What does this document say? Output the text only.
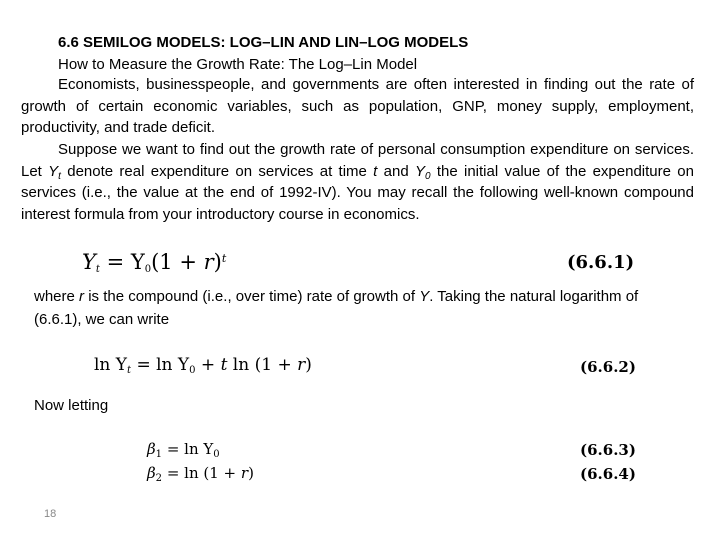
6.6 SEMILOG MODELS: LOG–LIN AND LIN–LOG MODELS
How to Measure the Growth Rate: The Log–Lin Model

Economists, businesspeople, and governments are often interested in finding out the rate of growth of certain economic variables, such as population, GNP, money supply, employment, productivity, and trade deficit.

Suppose we want to find out the growth rate of personal consumption expenditure on services. Let $Y_t$ denote real expenditure on services at time t and $Y_0$ the initial value of the expenditure on services (i.e., the value at the end of 1992-IV). You may recall the following well-known compound interest formula from your introductory course in economics.

$Y_t = Y_0(1 + r)^t$	(6.6.1)
where r is the compound (i.e., over time) rate of growth of Y. Taking the natural logarithm of
(6.6.1), we can write
$\ln Y_t = \ln Y_0 + t$ ln (1 + r)	(6.6.2)
Now letting
$\beta_1 = \ln Y_0$	(6.6.3)
$\beta_2 = \ln (1 + r)$	(6.6.4)
18
